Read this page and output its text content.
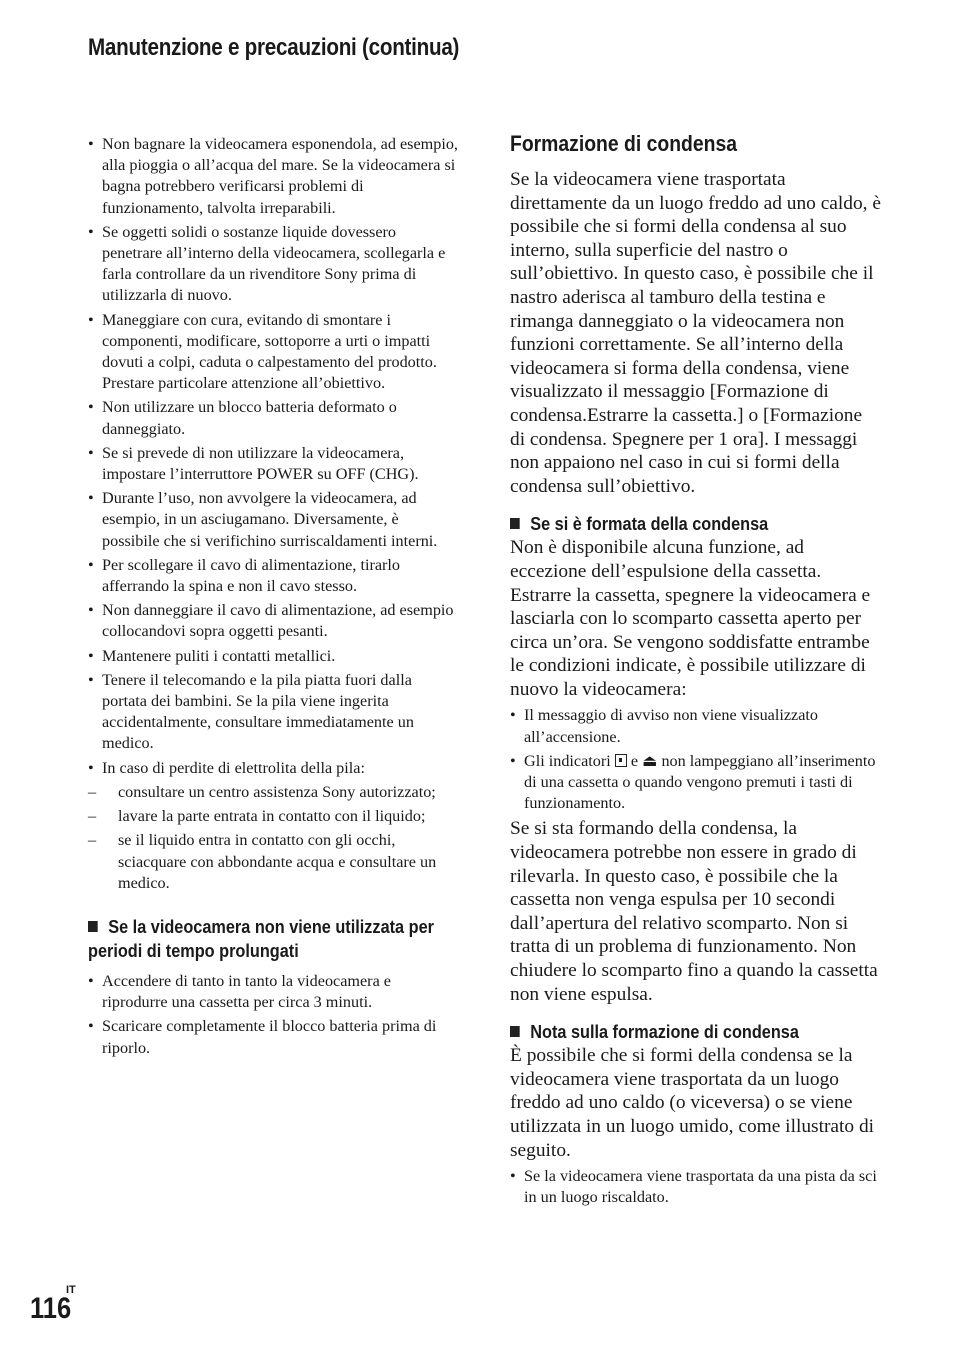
Manutenzione e precauzioni (continua)
• Non bagnare la videocamera esponendola, ad esempio, alla pioggia o all’acqua del mare. Se la videocamera si bagna potrebbero verificarsi problemi di funzionamento, talvolta irreparabili.
• Se oggetti solidi o sostanze liquide dovessero penetrare all’interno della videocamera, scollegarla e farla controllare da un rivenditore Sony prima di utilizzarla di nuovo.
• Maneggiare con cura, evitando di smontare i componenti, modificare, sottoporre a urti o impatti dovuti a colpi, caduta o calpestamento del prodotto. Prestare particolare attenzione all’obiettivo.
• Non utilizzare un blocco batteria deformato o danneggiato.
• Se si prevede di non utilizzare la videocamera, impostare l’interruttore POWER su OFF (CHG).
• Durante l’uso, non avvolgere la videocamera, ad esempio, in un asciugamano. Diversamente, è possibile che si verifichino surriscaldamenti interni.
• Per scollegare il cavo di alimentazione, tirarlo afferrando la spina e non il cavo stesso.
• Non danneggiare il cavo di alimentazione, ad esempio collocandovi sopra oggetti pesanti.
• Mantenere puliti i contatti metallici.
• Tenere il telecomando e la pila piatta fuori dalla portata dei bambini. Se la pila viene ingerita accidentalmente, consultare immediatamente un medico.
• In caso di perdite di elettrolita della pila:
– consultare un centro assistenza Sony autorizzato;
– lavare la parte entrata in contatto con il liquido;
– se il liquido entra in contatto con gli occhi, sciacquare con abbondante acqua e consultare un medico.

Se la videocamera non viene utilizzata per periodi di tempo prolungati

• Accendere di tanto in tanto la videocamera e riprodurre una cassetta per circa 3 minuti.
• Scaricare completamente il blocco batteria prima di riporlo.
Formazione di condensa

Se la videocamera viene trasportata direttamente da un luogo freddo ad uno caldo, è possibile che si formi della condensa al suo interno, sulla superficie del nastro o sull’obiettivo. In questo caso, è possibile che il nastro aderisca al tamburo della testina e rimanga danneggiato o la videocamera non funzioni correttamente. Se all’interno della videocamera si forma della condensa, viene visualizzato il messaggio [Formazione di condensa.Estrarre la cassetta.] o [Formazione di condensa. Spegnere per 1 ora]. I messaggi non appaiono nel caso in cui si formi della condensa sull’obiettivo.

Se si è formata della condensa

Non è disponibile alcuna funzione, ad eccezione dell’espulsione della cassetta. Estrarre la cassetta, spegnere la videocamera e lasciarla con lo scomparto cassetta aperto per circa un’ora. Se vengono soddisfatte entrambe le condizioni indicate, è possibile utilizzare di nuovo la videocamera:

• Il messaggio di avviso non viene visualizzato all’accensione.
• Gli indicatori e ⏏ non lampeggiano all’inserimento di una cassetta o quando vengono premuti i tasti di funzionamento.

Se si sta formando della condensa, la videocamera potrebbe non essere in grado di rilevarla. In questo caso, è possibile che la cassetta non venga espulsa per 10 secondi dall’apertura del relativo scomparto. Non si tratta di un problema di funzionamento. Non chiudere lo scomparto fino a quando la cassetta non viene espulsa.

Nota sulla formazione di condensa

È possibile che si formi della condensa se la videocamera viene trasportata da un luogo freddo ad uno caldo (o viceversa) o se viene utilizzata in un luogo umido, come illustrato di seguito.

• Se la videocamera viene trasportata da una pista da sci in un luogo riscaldato.
IT
116
